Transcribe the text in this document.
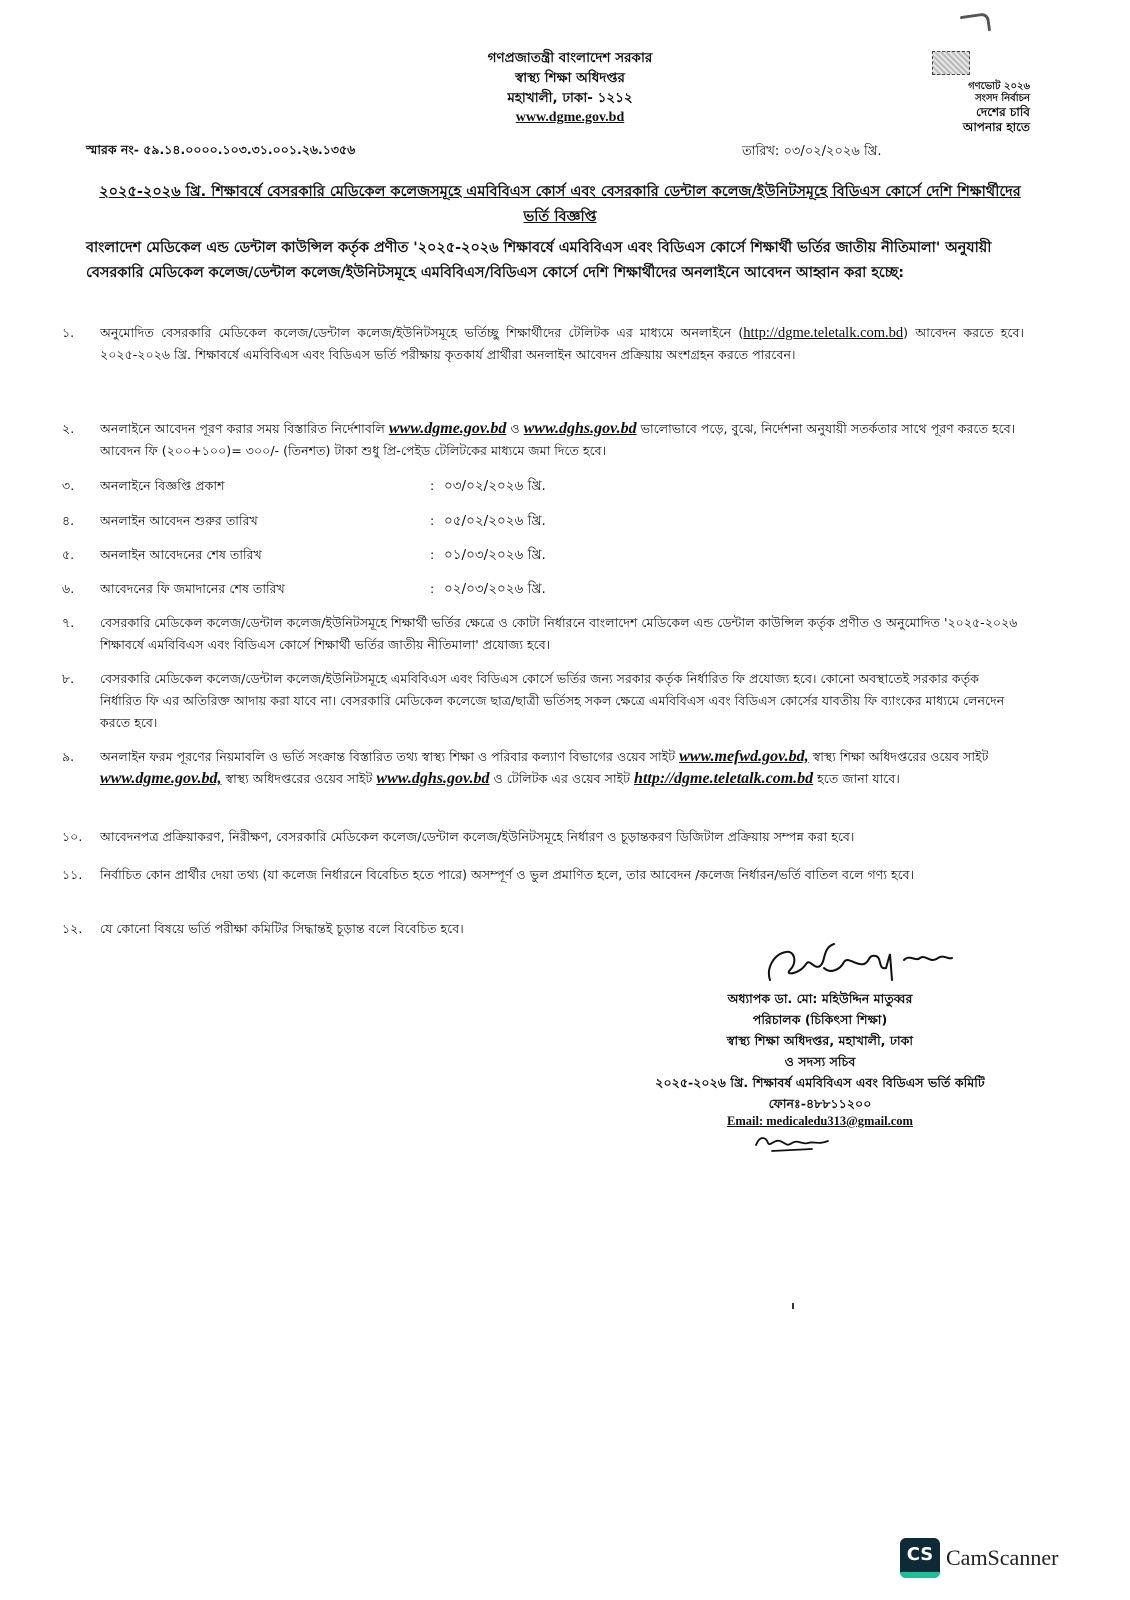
গণপ্রজাতন্ত্রী বাংলাদেশ সরকার
স্বাস্থ্য শিক্ষা অধিদপ্তর
মহাখালী, ঢাকা- ১২১২
www.dgme.gov.bd
গণভোট ২০২৬
সংসদ নির্বাচন
দেশের চাবি
আপনার হাতে
স্মারক নং- ৫৯.১৪.০০০০.১০৩.৩১.০০১.২৬.১৩৫৬	তারিখ: ০৩/০২/২০২৬ খ্রি.
২০২৫-২০২৬ খ্রি. শিক্ষাবর্ষে বেসরকারি মেডিকেল কলেজসমূহে এমবিবিএস কোর্স এবং বেসরকারি ডেন্টাল কলেজ/ইউনিটসমূহে বিডিএস কোর্সে দেশি শিক্ষার্থীদের ভর্তি বিজ্ঞপ্তি
বাংলাদেশ মেডিকেল এন্ড ডেন্টাল কাউন্সিল কর্তৃক প্রণীত '২০২৫-২০২৬ শিক্ষাবর্ষে এমবিবিএস এবং বিডিএস কোর্সে শিক্ষার্থী ভর্তির জাতীয় নীতিমালা' অনুযায়ী বেসরকারি মেডিকেল কলেজ/ডেন্টাল কলেজ/ইউনিটসমূহে এমবিবিএস/বিডিএস কোর্সে দেশি শিক্ষার্থীদের অনলাইনে আবেদন আহ্বান করা হচ্ছে:
১.	অনুমোদিত বেসরকারি মেডিকেল কলেজ/ডেন্টাল কলেজ/ইউনিটসমূহে ভর্তিচ্ছু শিক্ষার্থীদের টেলিটক এর মাধ্যমে অনলাইনে (http://dgme.teletalk.com.bd) আবেদন করতে হবে। ২০২৫-২০২৬ খ্রি. শিক্ষাবর্ষে এমবিবিএস এবং বিডিএস ভর্তি পরীক্ষায় কৃতকার্য প্রার্থীরা অনলাইন আবেদন প্রক্রিয়ায় অংশগ্রহন করতে পারবেন।
২.	অনলাইনে আবেদন পূরণ করার সময় বিস্তারিত নির্দেশাবলি www.dgme.gov.bd ও www.dghs.gov.bd ভালোভাবে পড়ে, বুঝে, নির্দেশনা অনুযায়ী সতর্কতার সাথে পূরণ করতে হবে। আবেদন ফি (২০০+১০০)= ৩০০/- (তিনশত) টাকা শুধু প্রি-পেইড টেলিটকের মাধ্যমে জমা দিতে হবে।
৩.	অনলাইনে বিজ্ঞপ্তি প্রকাশ	: ০৩/০২/২০২৬ খ্রি.
৪.	অনলাইন আবেদন শুরুর তারিখ	: ০৫/০২/২০২৬ খ্রি.
৫.	অনলাইন আবেদনের শেষ তারিখ	: ০১/০৩/২০২৬ খ্রি.
৬.	আবেদনের ফি জমাদানের শেষ তারিখ	: ০২/০৩/২০২৬ খ্রি.
৭.	বেসরকারি মেডিকেল কলেজ/ডেন্টাল কলেজ/ইউনিটসমূহে শিক্ষার্থী ভর্তির ক্ষেত্রে ও কোটা নির্ধারনে বাংলাদেশ মেডিকেল এন্ড ডেন্টাল কাউন্সিল কর্তৃক প্রণীত ও অনুমোদিত '২০২৫-২০২৬ শিক্ষাবর্ষে এমবিবিএস এবং বিডিএস কোর্সে শিক্ষার্থী ভর্তির জাতীয় নীতিমালা' প্রযোজ্য হবে।
৮.	বেসরকারি মেডিকেল কলেজ/ডেন্টাল কলেজ/ইউনিটসমূহে এমবিবিএস এবং বিডিএস কোর্সে ভর্তির জন্য সরকার কর্তৃক নির্ধারিত ফি প্রযোজ্য হবে। কোনো অবস্থাতেই সরকার কর্তৃক নির্ধারিত ফি এর অতিরিক্ত আদায় করা যাবে না। বেসরকারি মেডিকেল কলেজে ছাত্র/ছাত্রী ভর্তিসহ সকল ক্ষেত্রে এমবিবিএস এবং বিডিএস কোর্সের যাবতীয় ফি ব্যাংকের মাধ্যমে লেনদেন করতে হবে।
৯.	অনলাইন ফরম পূরণের নিয়মাবলি ও ভর্তি সংক্রান্ত বিস্তারিত তথ্য স্বাস্থ্য শিক্ষা ও পরিবার কল্যাণ বিভাগের ওয়েব সাইট www.mefwd.gov.bd, স্বাস্থ্য শিক্ষা অধিদপ্তরের ওয়েব সাইট www.dgme.gov.bd, স্বাস্থ্য অধিদপ্তরের ওয়েব সাইট www.dghs.gov.bd ও টেলিটক এর ওয়েব সাইট http://dgme.teletalk.com.bd হতে জানা যাবে।
১০.	আবেদনপত্র প্রক্রিয়াকরণ, নিরীক্ষণ, বেসরকারি মেডিকেল কলেজ/ডেন্টাল কলেজ/ইউনিটসমূহে নির্ধারণ ও চূড়ান্তকরণ ডিজিটাল প্রক্রিয়ায় সম্পন্ন করা হবে।
১১.	নির্বাচিত কোন প্রার্থীর দেয়া তথ্য (যা কলেজ নির্ধারনে বিবেচিত হতে পারে) অসম্পূর্ণ ও ভুল প্রমাণিত হলে, তার আবেদন /কলেজ নির্ধারন/ভর্তি বাতিল বলে গণ্য হবে।
১২.	যে কোনো বিষয়ে ভর্তি পরীক্ষা কমিটির সিদ্ধান্তই চূড়ান্ত বলে বিবেচিত হবে।
অধ্যাপক ডা. মো: মহিউদ্দিন মাতুব্বর
পরিচালক (চিকিৎসা শিক্ষা)
স্বাস্থ্য শিক্ষা অধিদপ্তর, মহাখালী, ঢাকা
ও সদস্য সচিব
২০২৫-২০২৬ খ্রি. শিক্ষাবর্ষ এমবিবিএস এবং বিডিএস ভর্তি কমিটি
ফোনঃ-৪৮৮১১২০০
Email: medicaledu313@gmail.com
CS CamScanner
